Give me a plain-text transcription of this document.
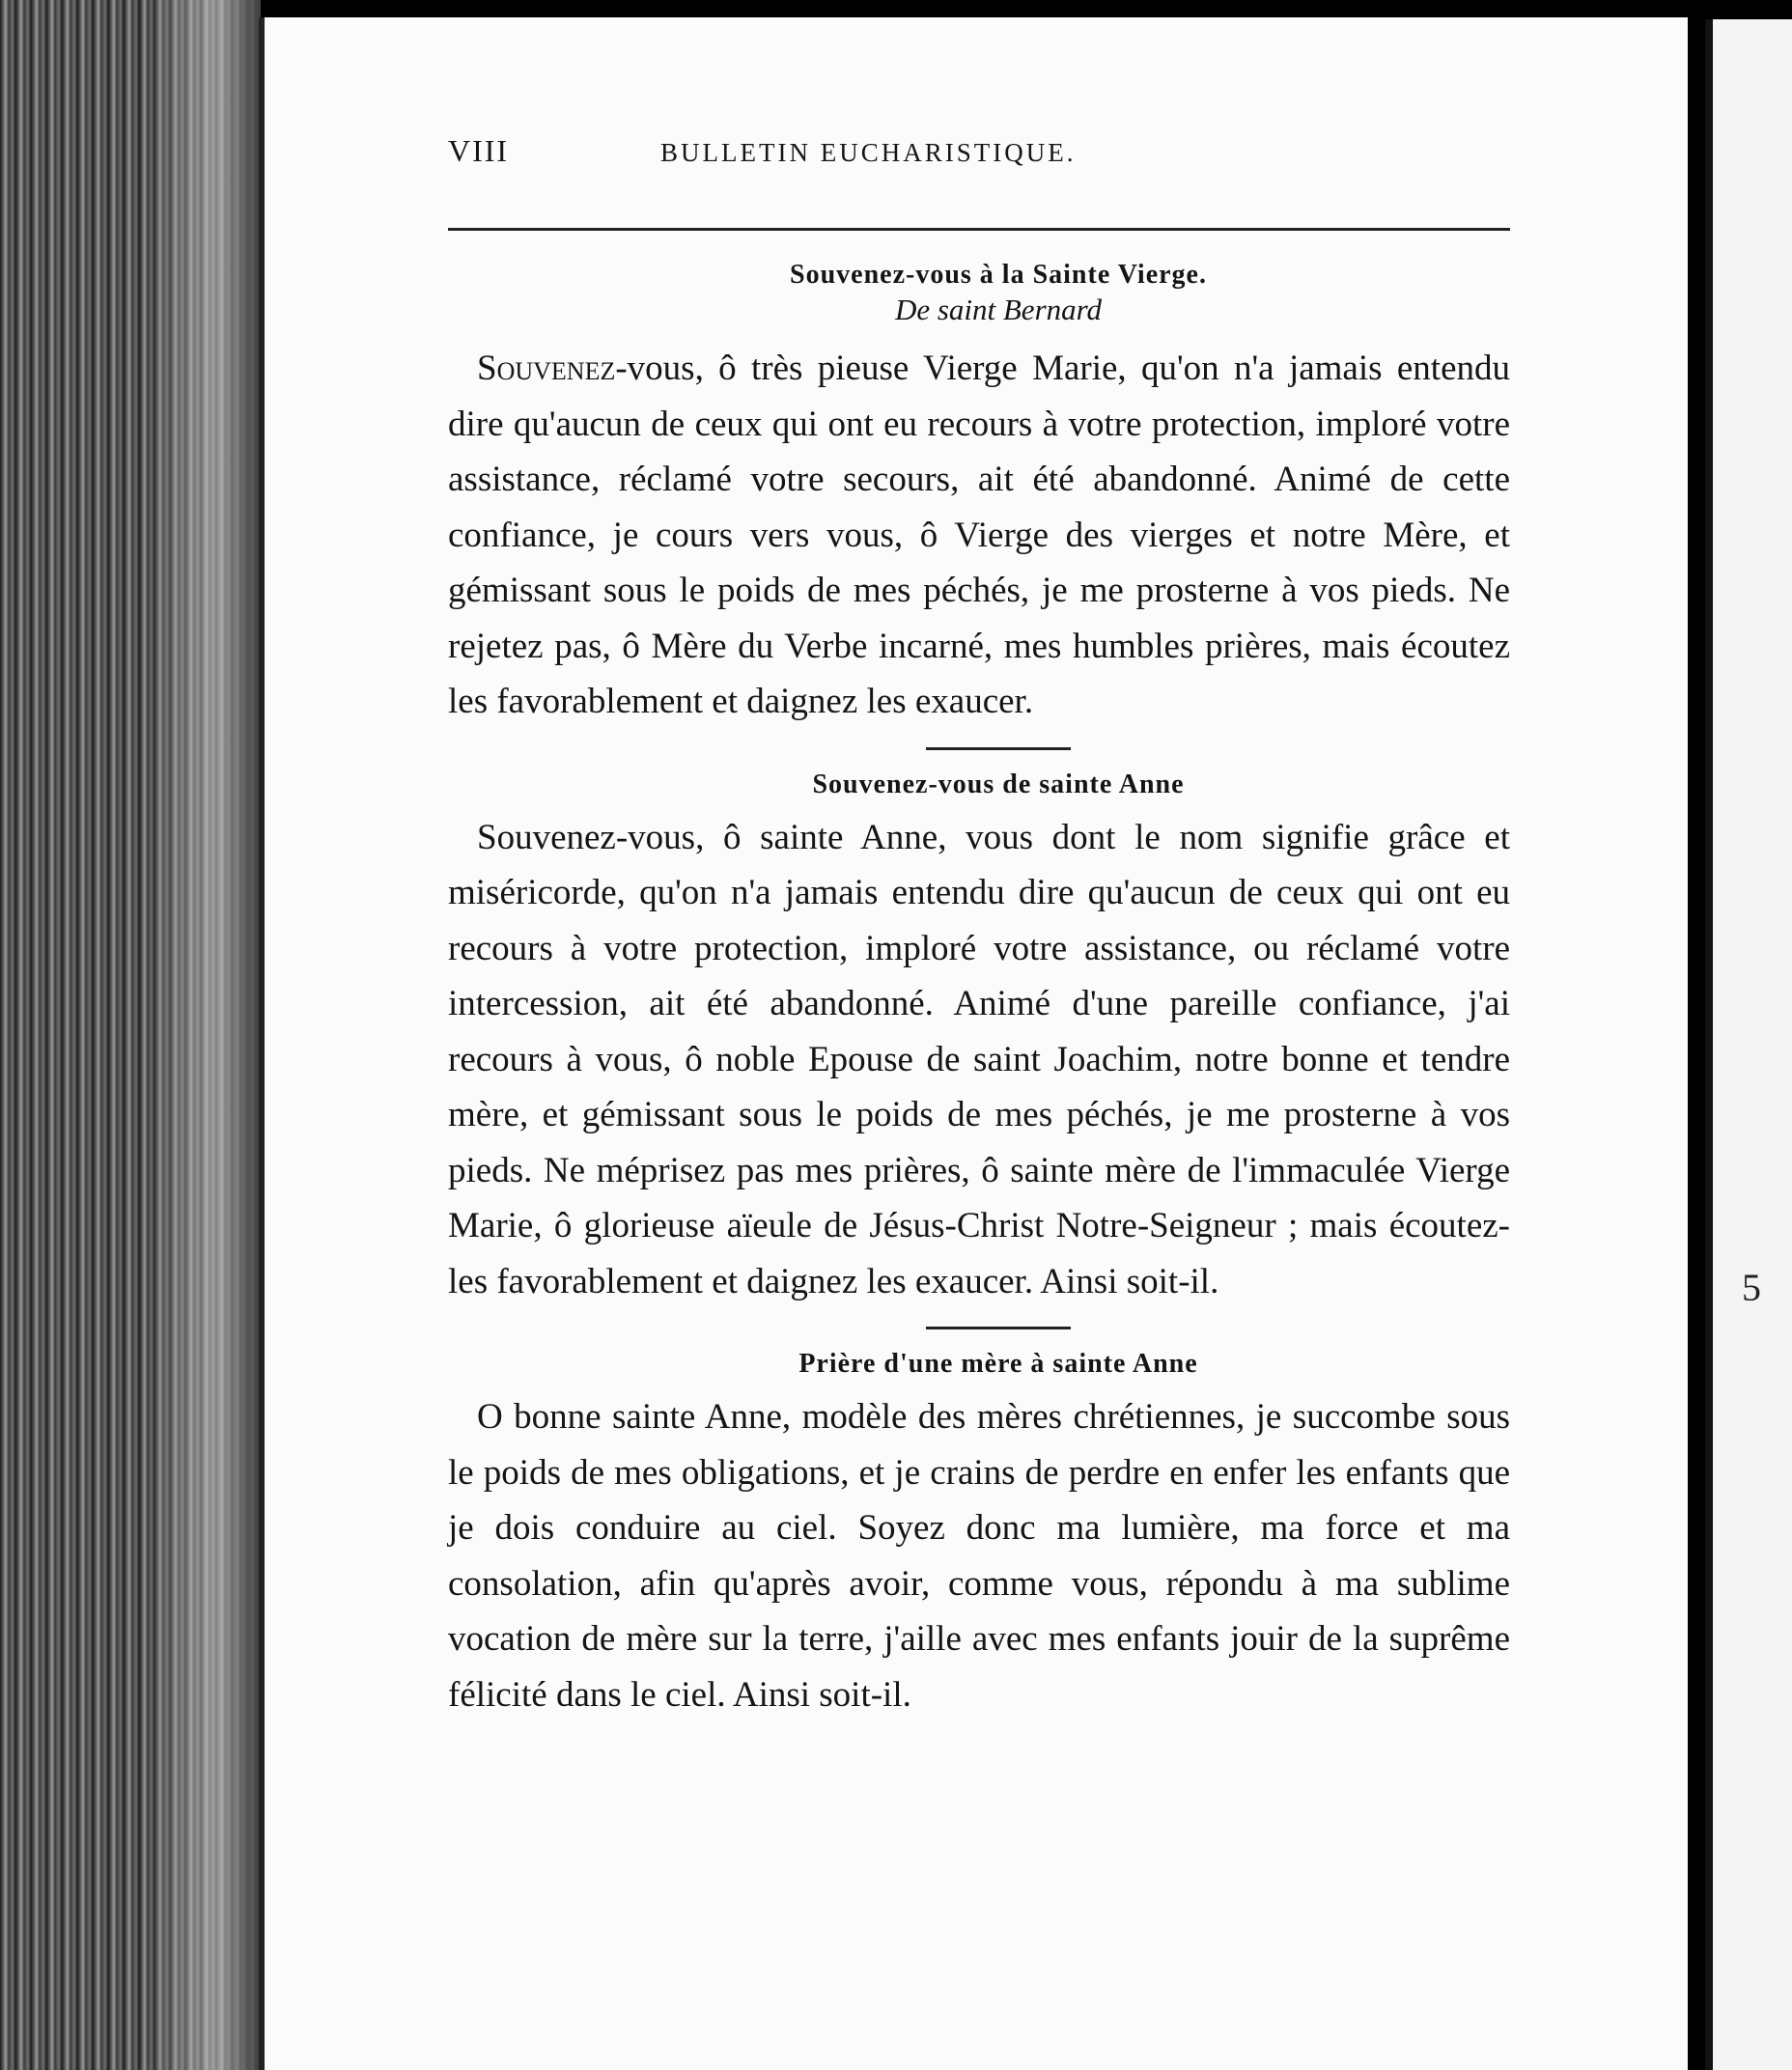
VIII	BULLETIN EUCHARISTIQUE.
Souvenez-vous à la Sainte Vierge.
De saint Bernard

Souvenez-vous, ô très pieuse Vierge Marie, qu'on n'a jamais entendu dire qu'aucun de ceux qui ont eu recours à votre protection, imploré votre assistance, réclamé votre secours, ait été abandonné. Animé de cette confiance, je cours vers vous, ô Vierge des vierges et notre Mère, et gémissant sous le poids de mes péchés, je me prosterne à vos pieds. Ne rejetez pas, ô Mère du Verbe incarné, mes humbles prières, mais écoutez les favorablement et daignez les exaucer.

Souvenez-vous de sainte Anne

Souvenez-vous, ô sainte Anne, vous dont le nom signifie grâce et miséricorde, qu'on n'a jamais entendu dire qu'aucun de ceux qui ont eu recours à votre protection, imploré votre assistance, ou réclamé votre intercession, ait été abandonné. Animé d'une pareille confiance, j'ai recours à vous, ô noble Epouse de saint Joachim, notre bonne et tendre mère, et gémissant sous le poids de mes péchés, je me prosterne à vos pieds. Ne méprisez pas mes prières, ô sainte mère de l'immaculée Vierge Marie, ô glorieuse aïeule de Jésus-Christ Notre-Seigneur ; mais écoutez-les favorablement et daignez les exaucer. Ainsi soit-il.

Prière d'une mère à sainte Anne

O bonne sainte Anne, modèle des mères chrétiennes, je succombe sous le poids de mes obligations, et je crains de perdre en enfer les enfants que je dois conduire au ciel. Soyez donc ma lumière, ma force et ma consolation, afin qu'après avoir, comme vous, répondu à ma sublime vocation de mère sur la terre, j'aille avec mes enfants jouir de la suprême félicité dans le ciel. Ainsi soit-il.

5
